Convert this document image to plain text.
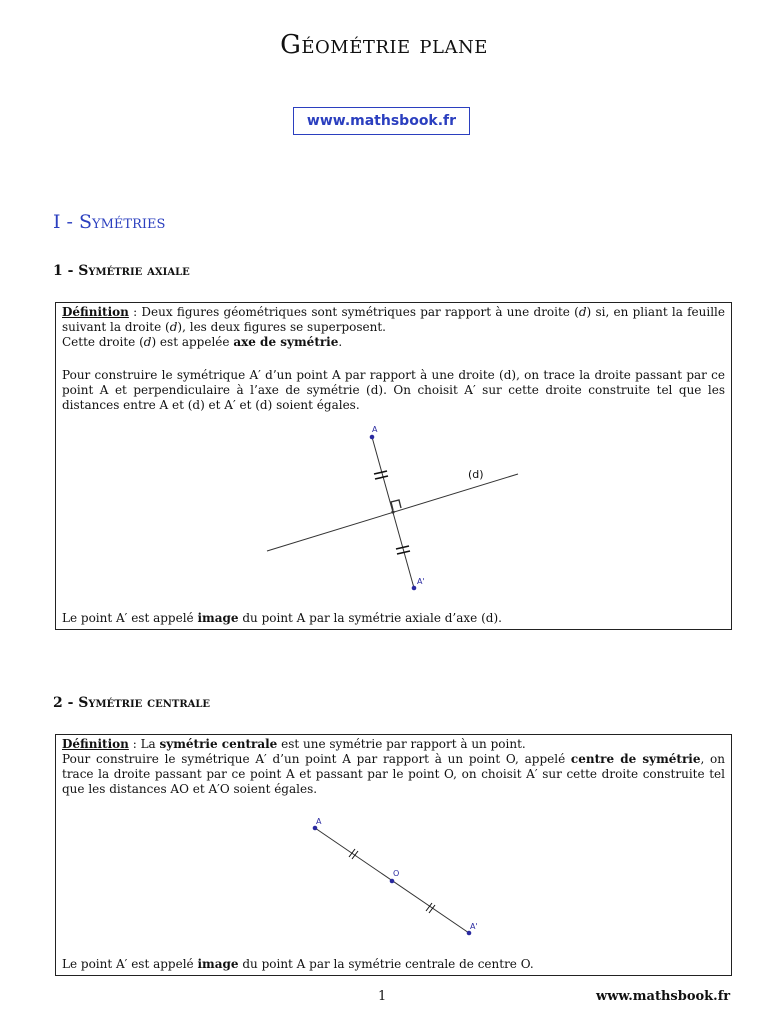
Géométrie plane
www.mathsbook.fr
I - Symétries
1 - Symétrie axiale

Définition : Deux figures géométriques sont symétriques par rapport à une droite (d) si, en pliant la feuille suivant la droite (d), les deux figures se superposent.
Cette droite (d) est appelée axe de symétrie.

Pour construire le symétrique A′ d’un point A par rapport à une droite (d), on trace la droite passant par ce point A et perpendiculaire à l’axe de symétrie (d). On choisit A′ sur cette droite construite tel que les distances entre A et (d) et A′ et (d) soient égales.

A
A'
(d)

Le point A′ est appelé image du point A par la symétrie axiale d’axe (d).

2 - Symétrie centrale

Définition : La symétrie centrale est une symétrie par rapport à un point.

Pour construire le symétrique A′ d’un point A par rapport à un point O, appelé centre de symétrie, on trace la droite passant par ce point A et passant par le point O, on choisit A′ sur cette droite construite tel que les distances AO et A′O soient égales.

A
O
A'

Le point A′ est appelé image du point A par la symétrie centrale de centre O.

1	www.mathsbook.fr
